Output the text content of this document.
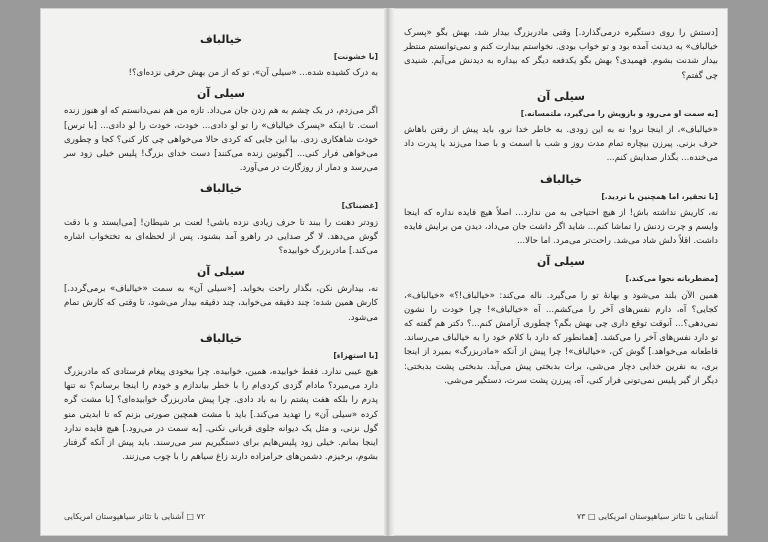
خیالباف
[با خشونت]
به درک کشیده شده... «سیلی آن»، تو که از من بهش حرفی نزده‌ای؟!
سیلی آن
اگر می‌زدم، در یک چشم به هم زدن جان می‌داد. تازه من هم نمی‌دانستم که او هنوز زنده است. تا اینکه «پسرک خیالباف» را تو لو دادی... خودت، خودت را لو دادی... [با ترس] خودت شاهکاری زدی. بیا این جایی که کردی حالا می‌خواهی چی کار کنی؟ کجا و چطوری می‌خواهی فرار کنی... [گیوتین زنده می‌کنند] دست خدای بزرگ! پلیس خیلی زود سر می‌رسد و دمار از روزگارت در می‌آورد.
خیالباف
[غضبناک]
زودتر دهنت را ببند تا حرف زیادی نزده باشی! لعنت بر شیطان! [می‌ایستد و با دقت گوش می‌دهد. لا گر صدایی در راهرو آمد بشنود. پس از لحظه‌ای به تختخواب اشاره می‌کند.] مادربزرگ خوابیده؟
سیلی آن
نه، بیدارش نکن، بگذار راحت بخوابد. [«سیلی آن» به سمت «خیالباف» برمی‌گردد.] کارش همین شده: چند دقیقه می‌خوابد، چند دقیقه بیدار می‌شود، تا وقتی که کارش تمام می‌شود.
خیالباف
[با استهزاء]
هیچ عیبی ندارد. فقط خوابیده، همین، خوابیده. چرا بیخودی پیغام فرستادی که مادربزرگ دارد می‌میرد؟ مادام گزدی کردی‌ام را با خطر بیاندازم و خودم را اینجا برسانم؟ نه تنها پدرم را بلکه هفت پشتم را به باد دادی. چرا پیش مادربزرگ خوابیده‌ای؟ [با مشت گره کرده «سیلی آن» را تهدید می‌کند.] باید با مشت همچین صورتی بزنم که تا ابدیتی منو گول نزنی، و مثل یک دیوانه جلوی قربانی نکنی. [به سمت در می‌رود.] هیچ فایده ندارد اینجا بمانم. خیلی زود پلیس‌هایم برای دستگیریم سر می‌رسند. باید پیش از آنکه گرفتار بشوم، برخیزم. دشمن‌های حرامزاده دارند زاغ سیاهم را با چوب می‌زنند.
۷۲ □ آشنایی با تئاتر سیاهپوستان امریکایی
[دستش را روی دستگیره درمی‌گذارد.] وقتی مادربزرگ بیدار شد، بهش بگو «پسرک خیالباف» به دیدنت آمده بود و تو خواب بودی. نخواستم بیدارت کنم و نمی‌توانستم منتظر بیدار شدنت بشوم. فهمیدی؟ بهش بگو یکدفعه دیگر که بیداره به دیدنش می‌آیم. شنیدی چی گفتم؟
سیلی آن
[به سمت او می‌رود و بازویش را می‌گیرد، ملتمسانه.]
«خیالباف»، از اینجا نرو! نه به این زودی. به خاطر خدا نرو، باید پیش از رفتن باهاش حرف بزنی. پیرزن بیچاره تمام مدت روز و شب با اسمت و با صدا می‌زند یا پدرت داد می‌خنده... بگذار صدایش کنم...
خیالباف
[با تحقیر، اما همچنین با تردید.]
نه، کاریش نداشته باش! از هیچ احتیاجی به من ندارد... اصلاً هیچ فایده نداره که اینجا وایسم و چرت زدنش را تماشا کنم... شاید اگر داشت جان می‌داد، دیدن من برایش فایده داشت. اقلاً دلش شاد می‌شد. راحت‌تر می‌مرد. اما حالا...
سیلی آن
[مضطربانه نجوا می‌کند.]
همین الآن بلند می‌شود و بهانهٔ تو را می‌گیرد. ناله می‌کند: «خیالباف!؟» «خیالباف»، کجایی؟ آه، دارم نفس‌های آخر را می‌کشم... آه «خیالباف»! چرا خودت را نشون نمی‌دهی؟... آنوقت توقع داری چی بهش بگم؟ چطوری آرامش کنم...؟ دکتر هم گفته که تو دارد نفس‌های آخر را می‌کشد. [همانطور که دارد با کلام خود را به خیالباف می‌رساند. قاطعانه می‌خواهد.] گوش کن، «خیالباف»! چرا پیش از آنکه «مادربزرگ» بمیرد از اینجا بری، به نفرین خدایی دچار می‌شی، برات بدبختی پیش می‌آید. بدبختی پشت بدبختی: دیگر از گیر پلیس نمی‌تونی فرار کنی، آه، پیرزن پشت سرت، دستگیر می‌شی.
آشنایی با تئاتر سیاهپوستان امریکایی □ ۷۳
